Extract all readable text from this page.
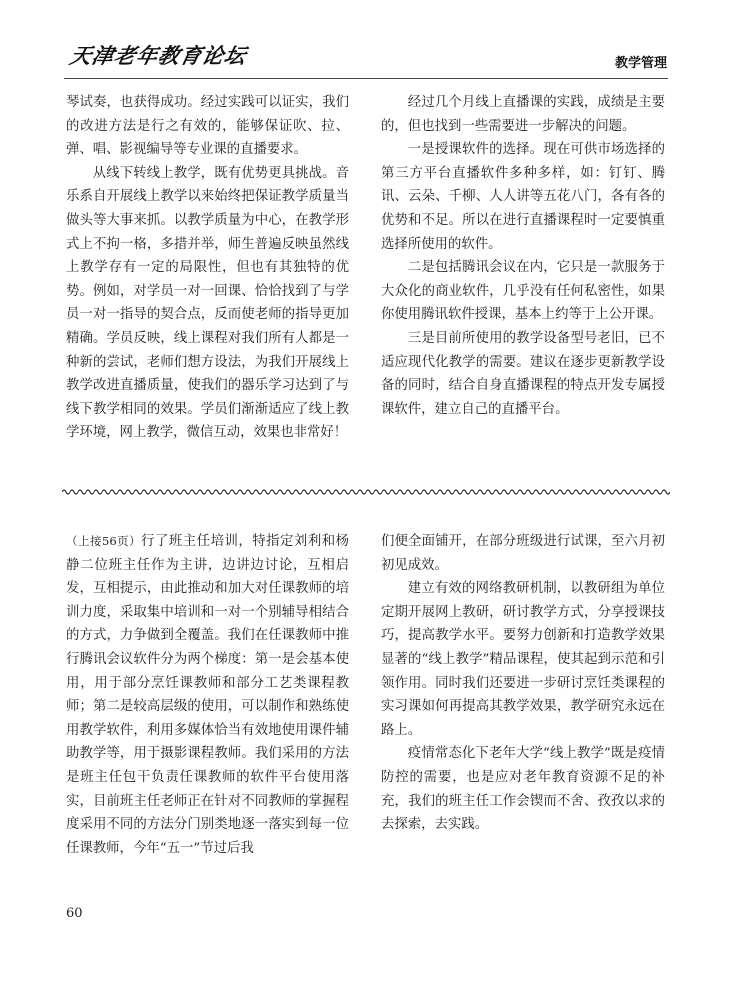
天津老年教育论坛	教学管理

琴试奏，也获得成功。经过实践可以证实，我们的改进方法是行之有效的，能够保证吹、拉、弹、唱、影视编导等专业课的直播要求。

从线下转线上教学，既有优势更具挑战。音乐系自开展线上教学以来始终把保证教学质量当做头等大事来抓。以教学质量为中心，在教学形式上不拘一格，多措并举，师生普遍反映虽然线上教学存有一定的局限性，但也有其独特的优势。例如，对学员一对一回课、恰恰找到了与学员一对一指导的契合点，反而使老师的指导更加精确。学员反映，线上课程对我们所有人都是一种新的尝试，老师们想方设法，为我们开展线上教学改进直播质量，使我们的器乐学习达到了与线下教学相同的效果。学员们渐渐适应了线上教学环境，网上教学，微信互动，效果也非常好！

经过几个月线上直播课的实践，成绩是主要的，但也找到一些需要进一步解决的问题。

一是授课软件的选择。现在可供市场选择的第三方平台直播软件多种多样，如：钉钉、腾讯、云朵、千柳、人人讲等五花八门，各有各的优势和不足。所以在进行直播课程时一定要慎重选择所使用的软件。

二是包括腾讯会议在内，它只是一款服务于大众化的商业软件，几乎没有任何私密性，如果你使用腾讯软件授课，基本上约等于上公开课。

三是目前所使用的教学设备型号老旧，已不适应现代化教学的需要。建议在逐步更新教学设备的同时，结合自身直播课程的特点开发专属授课软件，建立自己的直播平台。

（上接56页）行了班主任培训，特指定刘利和杨静二位班主任作为主讲，边讲边讨论，互相启发，互相提示，由此推动和加大对任课教师的培训力度，采取集中培训和一对一个别辅导相结合的方式，力争做到全覆盖。我们在任课教师中推行腾讯会议软件分为两个梯度：第一是会基本使用，用于部分烹饪课教师和部分工艺类课程教师；第二是较高层级的使用，可以制作和熟练使用教学软件，利用多媒体恰当有效地使用课件辅助教学等，用于摄影课程教师。我们采用的方法是班主任包干负责任课教师的软件平台使用落实，目前班主任老师正在针对不同教师的掌握程度采用不同的方法分门别类地逐一落实到每一位任课教师，今年“五一”节过后我

们便全面铺开，在部分班级进行试课，至六月初初见成效。

建立有效的网络教研机制，以教研组为单位定期开展网上教研，研讨教学方式，分享授课技巧，提高教学水平。要努力创新和打造教学效果显著的“线上教学”精品课程，使其起到示范和引领作用。同时我们还要进一步研讨烹饪类课程的实习课如何再提高其教学效果，教学研究永远在路上。

疫情常态化下老年大学“线上教学”既是疫情防控的需要，也是应对老年教育资源不足的补充，我们的班主任工作会锲而不舍、孜孜以求的去探索，去实践。

60
